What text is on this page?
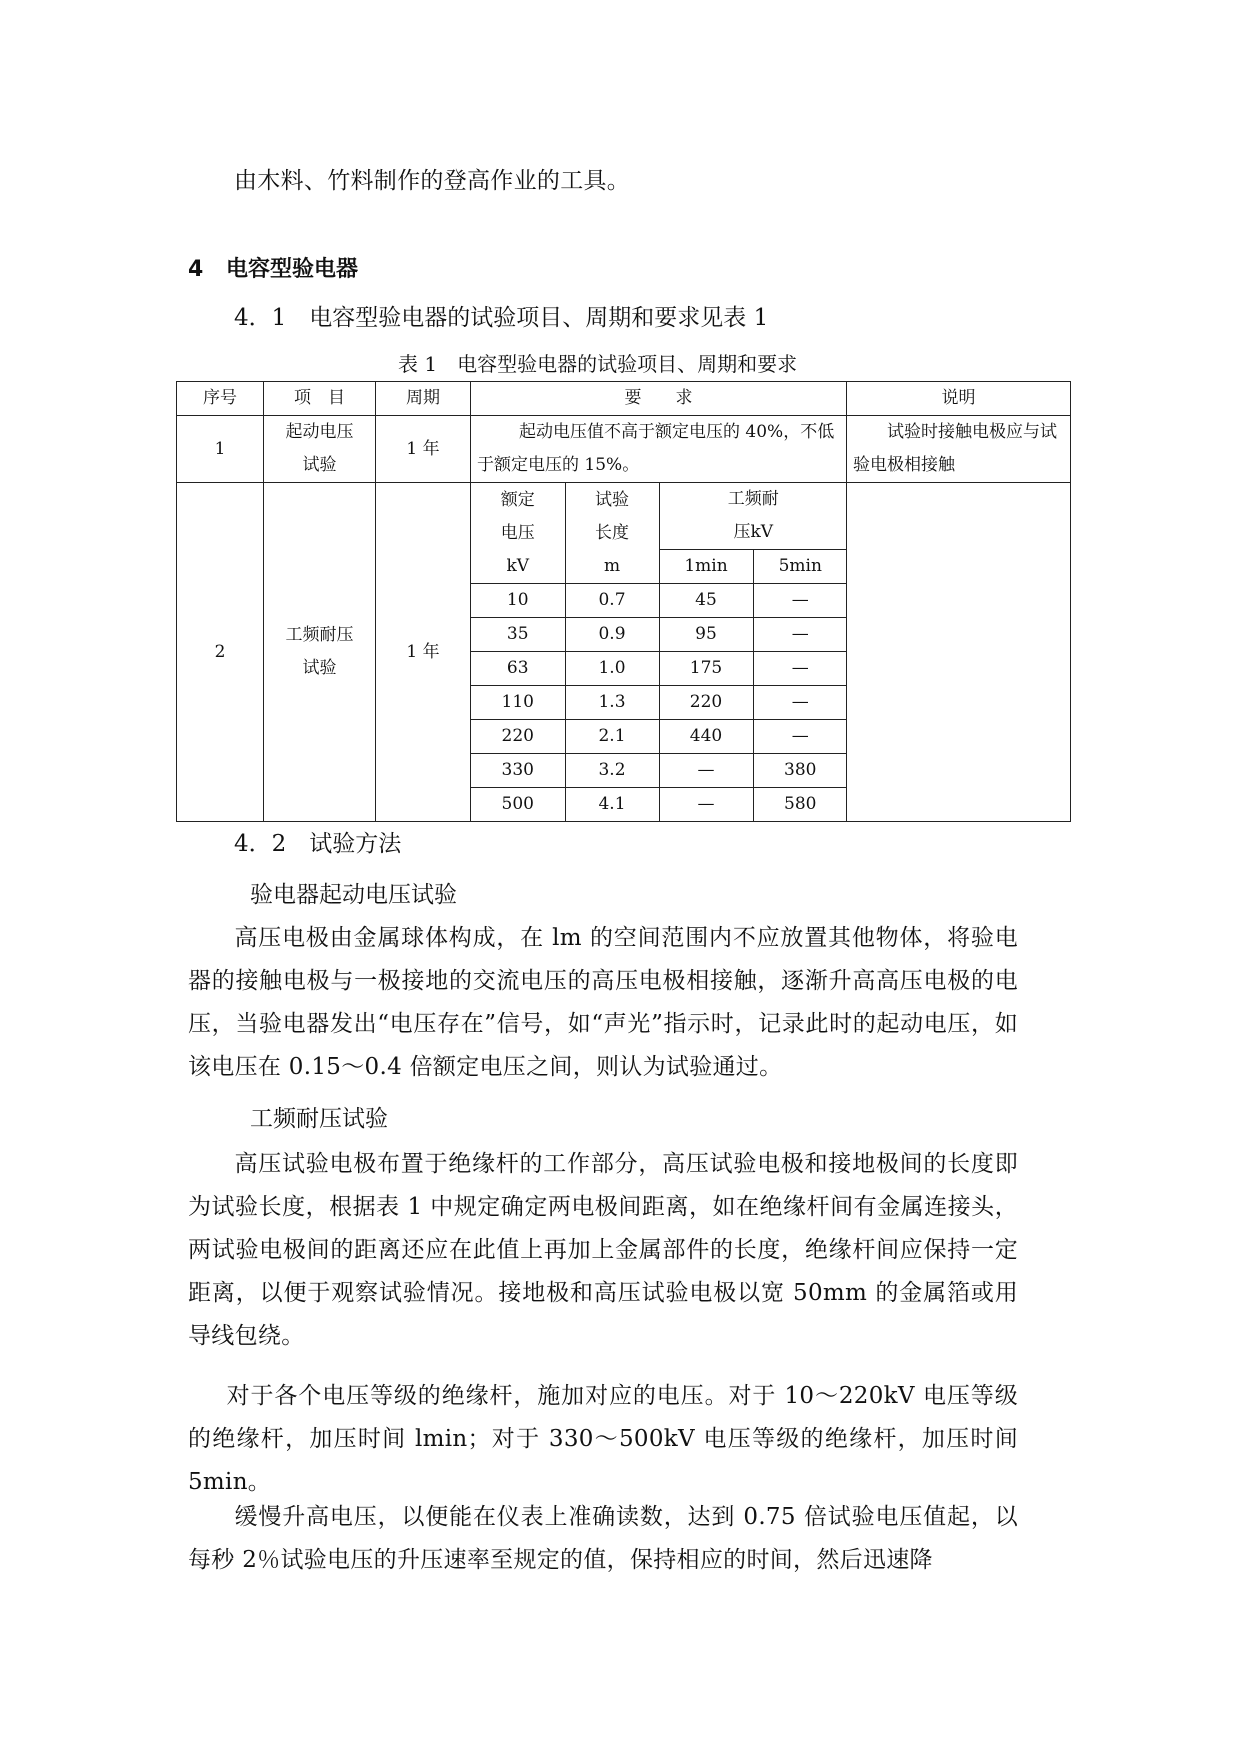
由木料、竹料制作的登高作业的工具。
4 电容型验电器
4．1　电容型验电器的试验项目、周期和要求见表 1
表 1　电容型验电器的试验项目、周期和要求
序号	项　目	周期	要　　求	说明
1	起动电压试验	1 年	起动电压值不高于额定电压的 40%，不低于额定电压的 15%。	试验时接触电极应与试验电极相接触
2	工频耐压试验	1 年	
额定电压kV	试验长度m	工频耐压kV
1min	5min
10	0.7	45	—
35	0.9	95	—
63	1.0	175	—
110	1.3	220	—
220	2.1	440	—
330	3.2	—	380
500	4.1	—	580

4．2　试验方法
验电器起动电压试验
高压电极由金属球体构成，在 lm 的空间范围内不应放置其他物体，将验电器的接触电极与一极接地的交流电压的高压电极相接触，逐渐升高高压电极的电压，当验电器发出“电压存在”信号，如“声光”指示时，记录此时的起动电压，如该电压在 0.15～0.4 倍额定电压之间，则认为试验通过。
工频耐压试验
高压试验电极布置于绝缘杆的工作部分，高压试验电极和接地极间的长度即为试验长度，根据表 1 中规定确定两电极间距离，如在绝缘杆间有金属连接头，两试验电极间的距离还应在此值上再加上金属部件的长度，绝缘杆间应保持一定距离，以便于观察试验情况。接地极和高压试验电极以宽 50mm 的金属箔或用导线包绕。
对于各个电压等级的绝缘杆，施加对应的电压。对于 10～220kV 电压等级的绝缘杆，加压时间 lmin；对于 330～500kV 电压等级的绝缘杆，加压时间 5min。
缓慢升高电压，以便能在仪表上准确读数，达到 0.75 倍试验电压值起，以每秒 2％试验电压的升压速率至规定的值，保持相应的时间，然后迅速降
